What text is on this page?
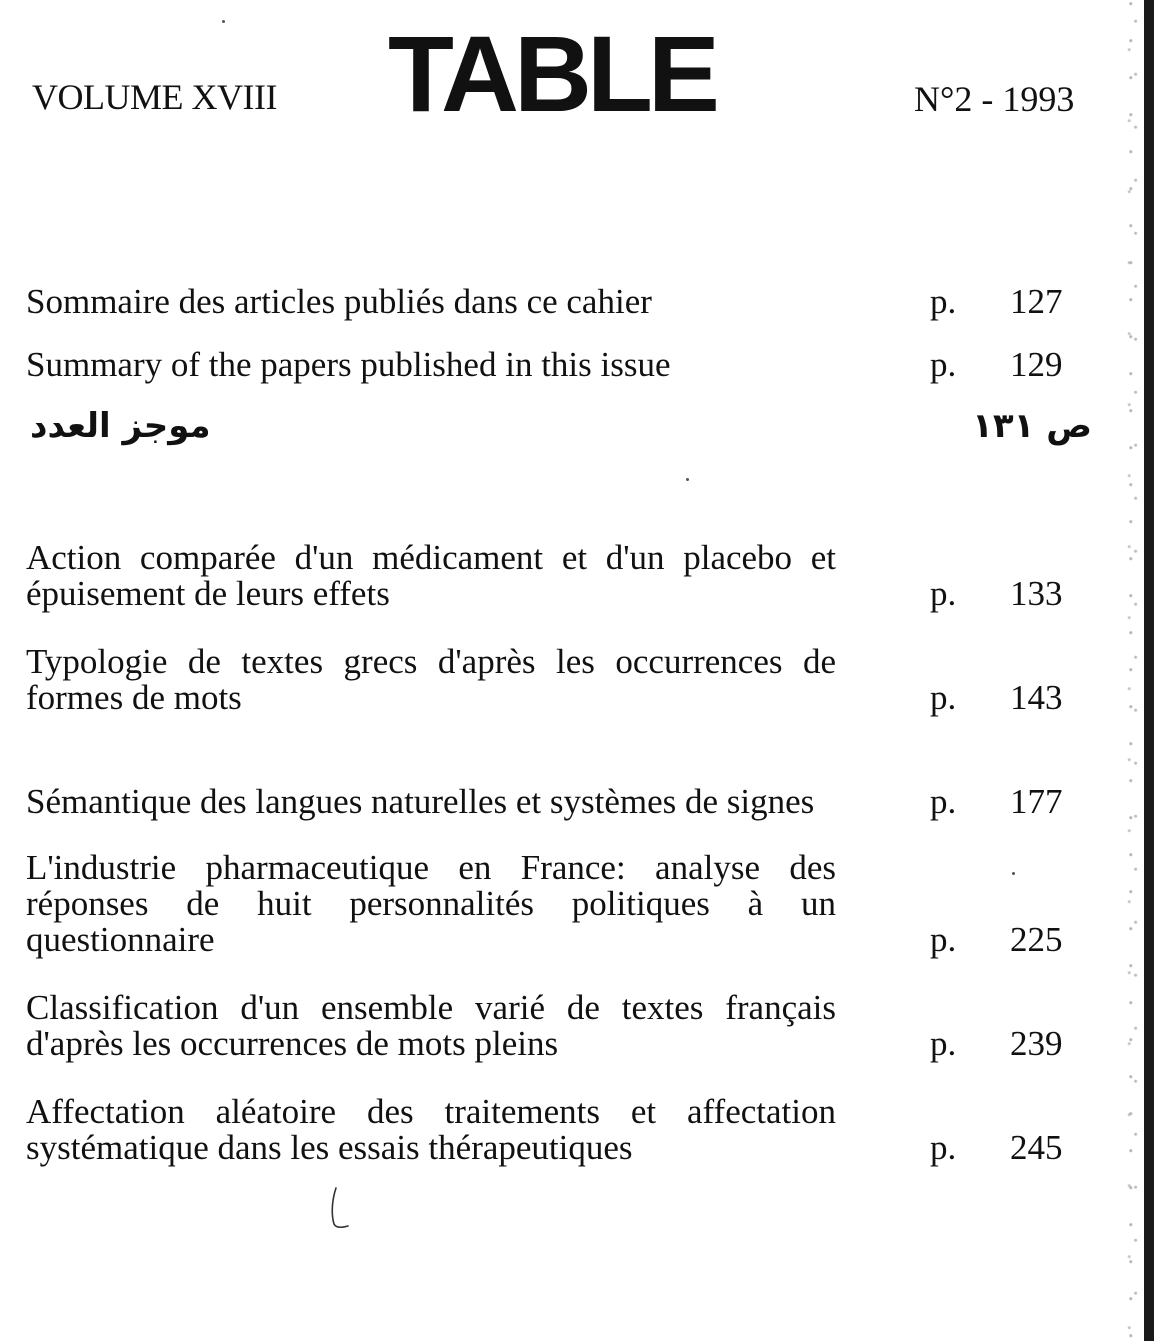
VOLUME XVIII TABLE	N°2 - 1993
Sommaire des articles publiés dans ce cahier	p. 127
Summary of the papers published in this issue	p. 129
موجز العدد	ص ١٣١
Action comparée d'un médicament et d'un placebo et épuisement de leurs effets	p. 133
Typologie de textes grecs d'après les occurrences de formes de mots	p. 143
Sémantique des langues naturelles et systèmes de signes	p. 177
L'industrie pharmaceutique en France: analyse des réponses de huit personnalités politiques à un questionnaire	p. 225
Classification d'un ensemble varié de textes français d'après les occurrences de mots pleins	p. 239
Affectation aléatoire des traitements et affectation systématique dans les essais thérapeutiques	p. 245
